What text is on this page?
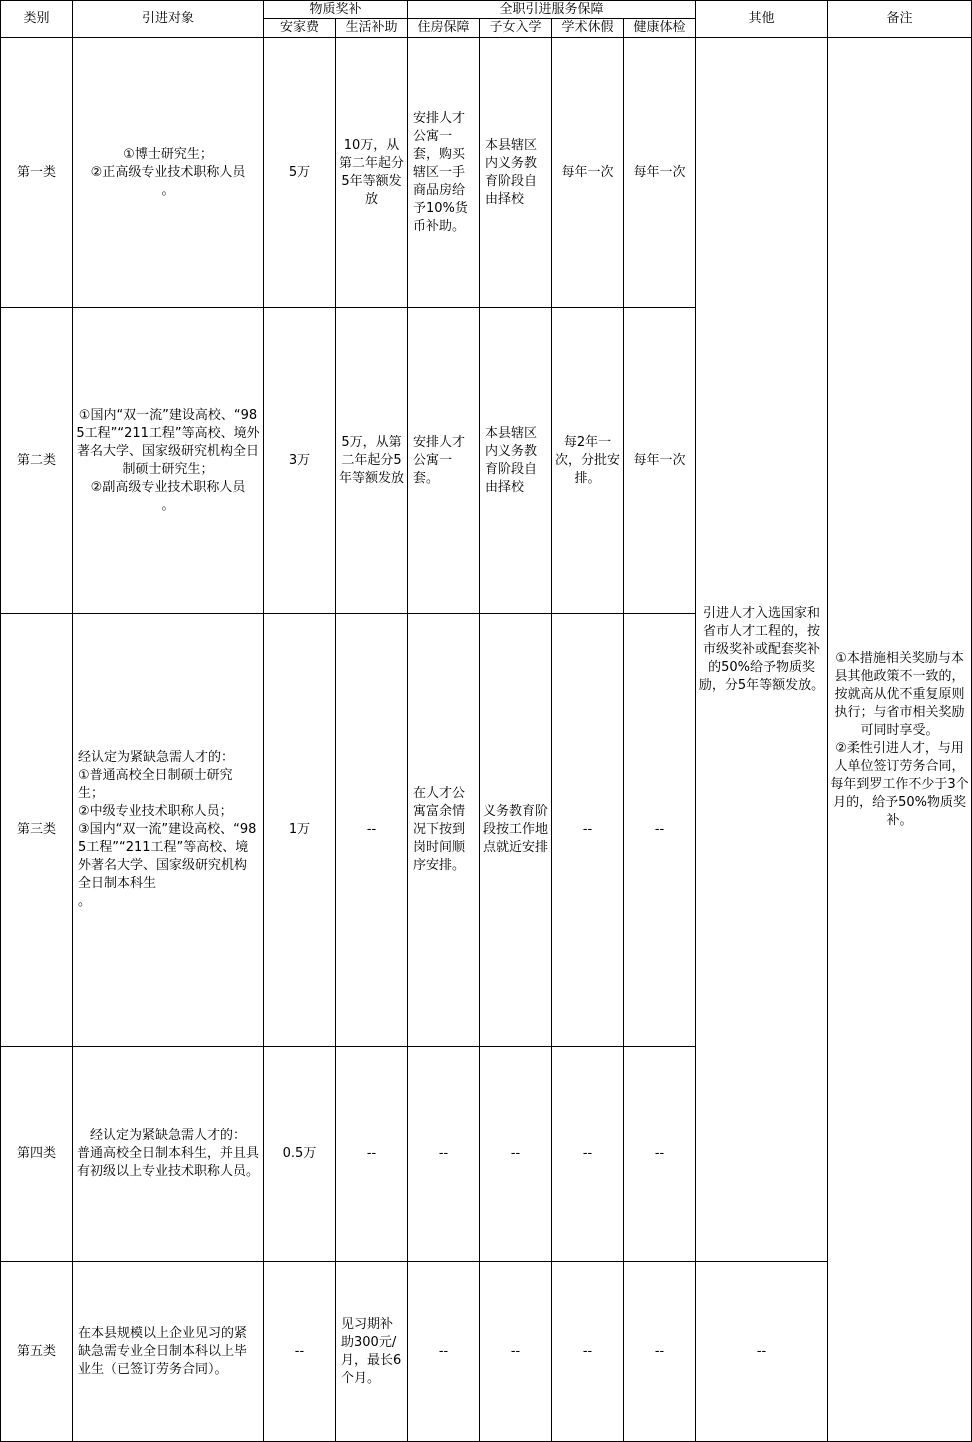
类别	引进对象	物质奖补		全职引进服务保障				其他	备注
		安家费	生活补助	住房保障	子女入学	学术休假	健康体检		
第一类	①博士研究生；
②正高级专业技术职称人员
。	5万	10万，从第二年起分5年等额发放	安排人才公寓一套，购买辖区一手商品房给予10%货币补助。	本县辖区内义务教育阶段自由择校	每年一次	每年一次	引进人才入选国家和省市人才工程的，按市级奖补或配套奖补的50%给予物质奖励，分5年等额发放。	①本措施相关奖励与本县其他政策不一致的，按就高从优不重复原则执行；与省市相关奖励可同时享受。
②柔性引进人才，与用人单位签订劳务合同，每年到罗工作不少于3个月的，给予50%物质奖补。
第二类	①国内“双一流”建设高校、“985工程”“211工程”等高校、境外著名大学、国家级研究机构全日制硕士研究生；
②副高级专业技术职称人员
。	3万	5万，从第二年起分5年等额发放	安排人才公寓一套。	本县辖区内义务教育阶段自由择校	每2年一次，分批安排。	每年一次		
第三类	经认定为紧缺急需人才的：
①普通高校全日制硕士研究生；
②中级专业技术职称人员；
③国内“双一流”建设高校、“985工程”“211工程”等高校、境外著名大学、国家级研究机构全日制本科生
。	1万	--	在人才公寓富余情况下按到岗时间顺序安排。	义务教育阶段按工作地点就近安排	--	--		
第四类	经认定为紧缺急需人才的：
普通高校全日制本科生，并且具有初级以上专业技术职称人员。	0.5万	--	--	--	--	--		
第五类	在本县规模以上企业见习的紧缺急需专业全日制本科以上毕业生（已签订劳务合同）。	--	见习期补助300元/月，最长6个月。	--	--	--	--	--	
